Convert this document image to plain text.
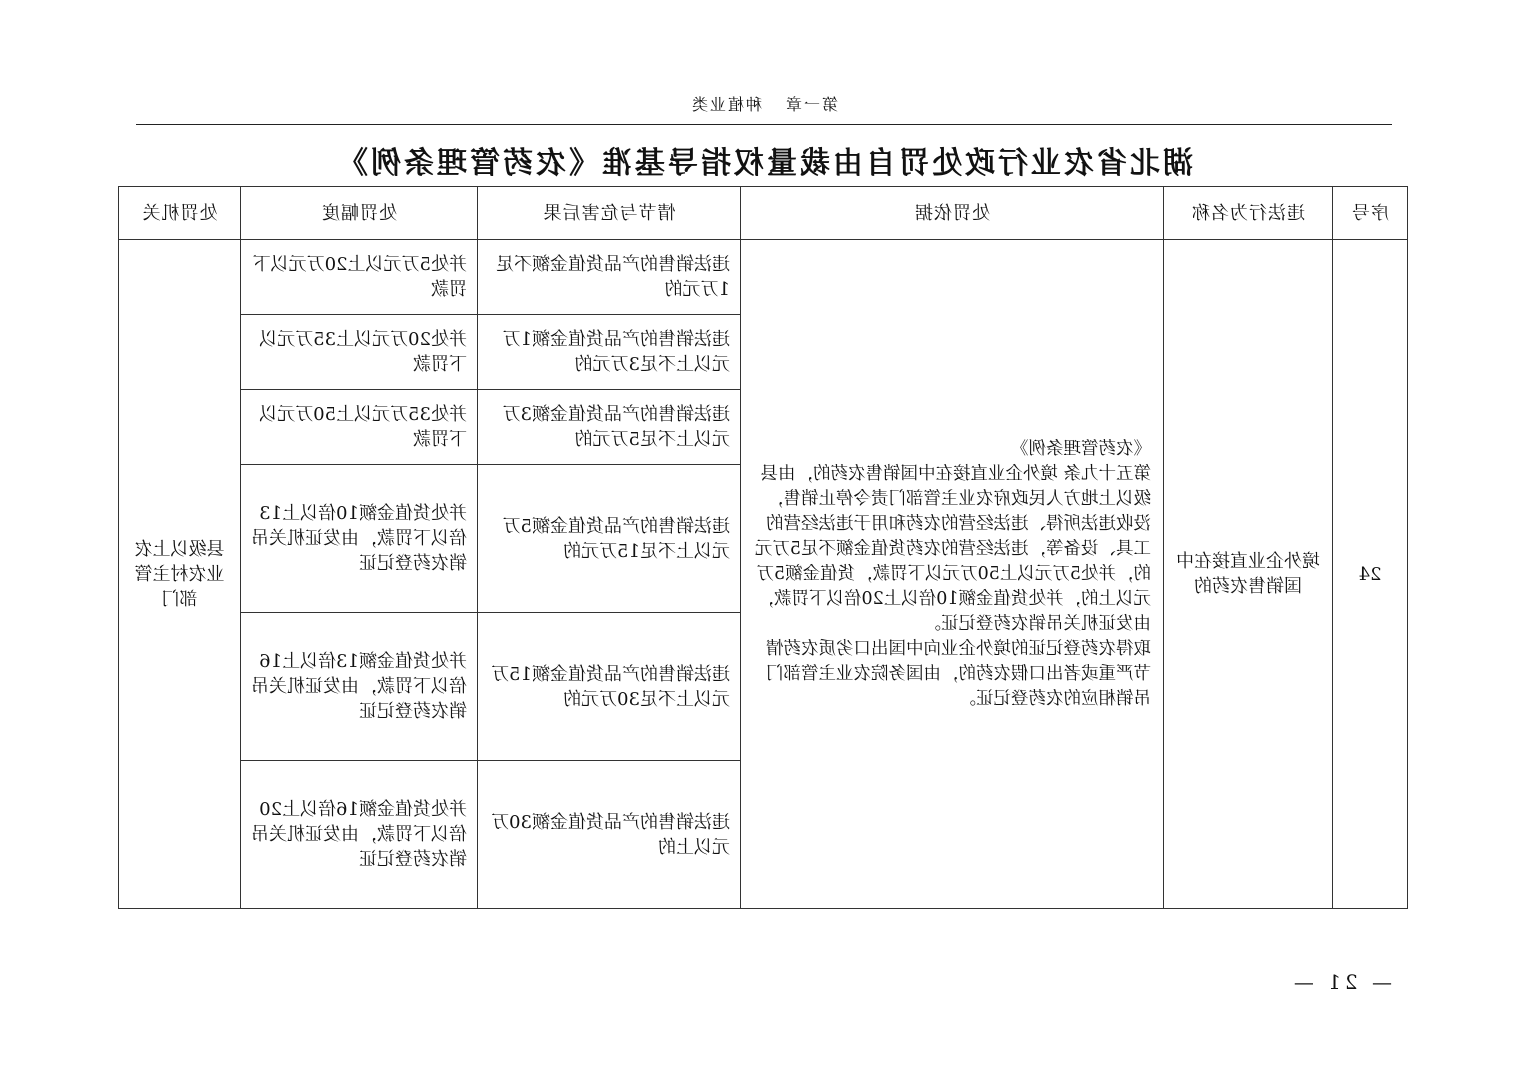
第一章种植业类
湖北省农业行政处罚自由裁量权指导基准《农药管理条例》
序号	违法行为名称	处罚依据	情节与危害后果	处罚幅度	处罚机关
24	境外企业直接在中国销售农药的	《农药管理条例》

第五十九条 境外企业直接在中国销售农药的，由县级以上地方人民政府农业主管部门责令停止销售，没收违法所得、违法经营的农药和用于违法经营的工具、设备等，违法经营的农药货值金额不足5万元的，并处5万元以上50万元以下罚款，货值金额5万元以上的，并处货值金额10倍以上20倍以下罚款，由发证机关吊销农药登记证。

取得农药登记证的境外企业向中国出口劣质农药情节严重或者出口假农药的，由国务院农业主管部门吊销相应的农药登记证。	违法销售的产品货值金额不足1万元的	并处5万元以上20万元以下罚款	县级以上农业农村主管部门
			违法销售的产品货值金额1万元以上不足3万元的	并处20万元以上35万元以下罚款	
			违法销售的产品货值金额3万元以上不足5万元的	并处35万元以上50万元以下罚款	
			违法销售的产品货值金额5万元以上不足15万元的	并处货值金额10倍以上13倍以下罚款，由发证机关吊销农药登记证	
			违法销售的产品货值金额15万元以上不足30万元的	并处货值金额13倍以上16倍以下罚款，由发证机关吊销农药登记证	
			违法销售的产品货值金额30万元以上的	并处货值金额16倍以上20倍以下罚款，由发证机关吊销农药登记证	
— 21 —
